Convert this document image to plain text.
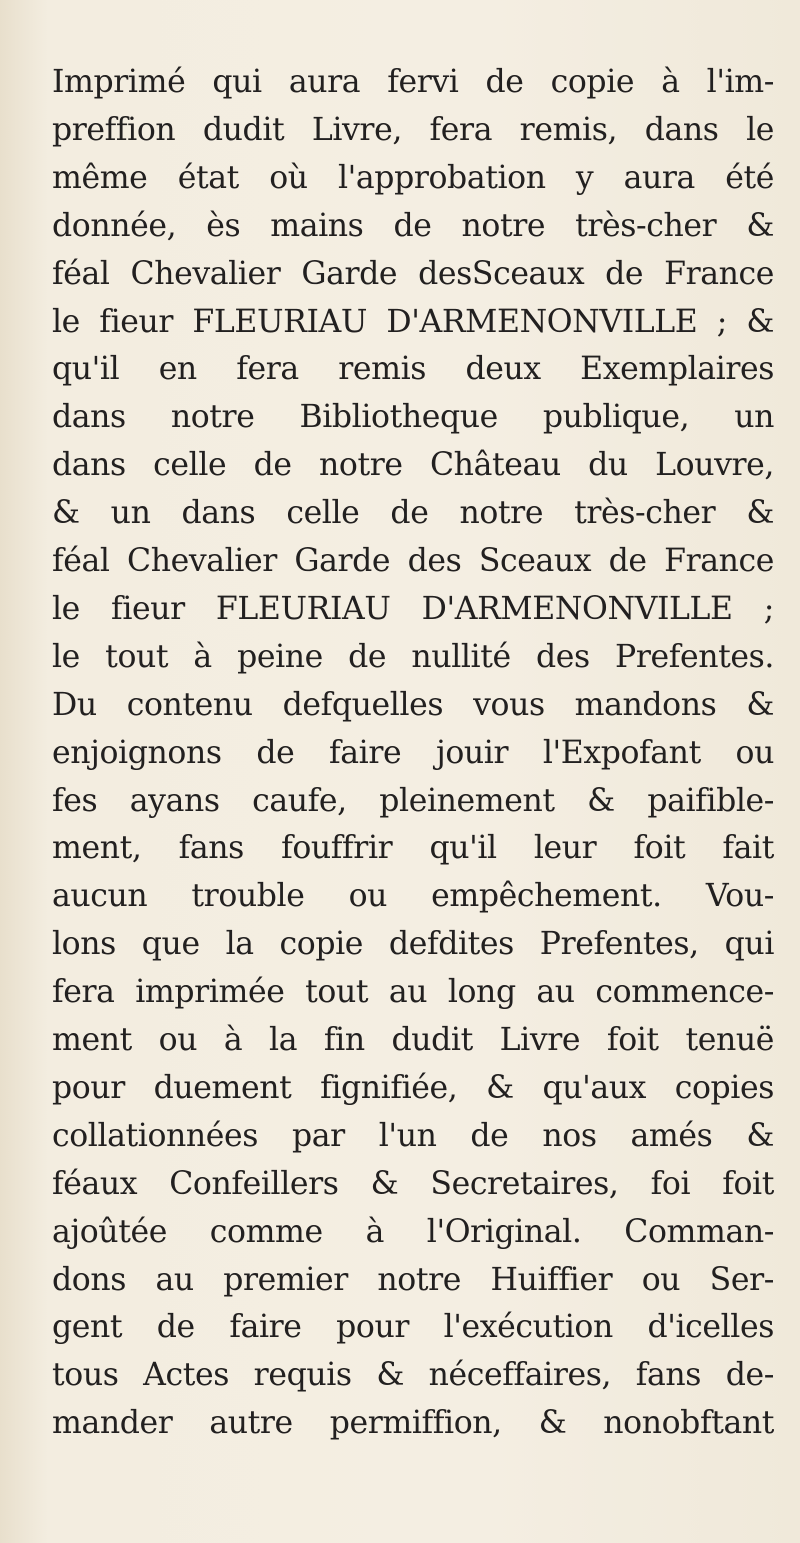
Imprimé qui aura fervi de copie à l'im-
preffion dudit Livre, fera remis, dans le
même état où l'approbation y aura été
donnée, ès mains de notre très-cher &
féal Chevalier Garde desSceaux de France
le fieur FLEURIAU D'ARMENONVILLE ; &
qu'il en fera remis deux Exemplaires
dans notre Bibliotheque publique, un
dans celle de notre Château du Louvre,
& un dans celle de notre très-cher &
féal Chevalier Garde des Sceaux de France
le fieur FLEURIAU D'ARMENONVILLE ;
le tout à peine de nullité des Prefentes.
Du contenu defquelles vous mandons &
enjoignons de faire jouir l'Expofant ou
fes ayans caufe, pleinement & paifible-
ment, fans fouffrir qu'il leur foit fait
aucun trouble ou empêchement. Vou-
lons que la copie defdites Prefentes, qui
fera imprimée tout au long au commence-
ment ou à la fin dudit Livre foit tenuë
pour duement fignifiée, & qu'aux copies
collationnées par l'un de nos amés &
féaux Confeillers & Secretaires, foi foit
ajoûtée comme à l'Original. Comman-
dons au premier notre Huiffier ou Ser-
gent de faire pour l'exécution d'icelles
tous Actes requis & néceffaires, fans de-
mander autre permiffion, & nonobftant
